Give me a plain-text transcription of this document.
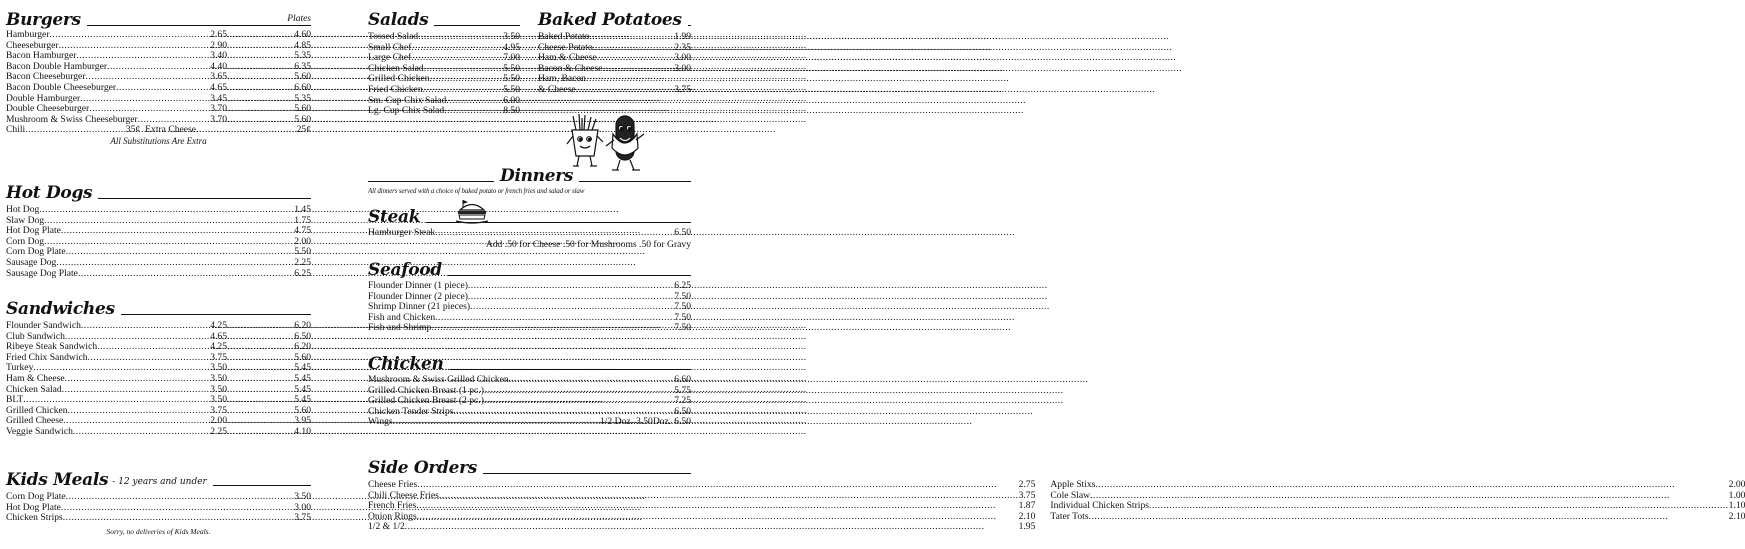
Burgers	Plates
Hamburger .....	2.65 .....	4.60
Cheeseburger .....	2.90 .....	4.85
Bacon Hamburger .....	3.40 .....	5.35
Bacon Double Hamburger .....	4.40 .....	6.35
Bacon Cheeseburger .....	3.65 .....	5.60
Bacon Double Cheeseburger .....	4.65 .....	6.60
Double Hamburger .....	3.45 .....	5.35
Double Cheeseburger .....	3.70 .....	5.60
Mushroom & Swiss Cheeseburger .....	3.70 .....	5.60
Chili .....	35¢ Extra Cheese .....	25¢
All Substitutions Are Extra
Hot Dogs
Hot Dog .....	1.45
Slaw Dog .....	1.75
Hot Dog Plate .....	4.75
Corn Dog .....	2.00
Corn Dog Plate .....	5.50
Sausage Dog .....	2.25
Sausage Dog Plate .....	6.25
Sandwiches
Flounder Sandwich .....	4.25 .....	6.20
Club Sandwich .....	4.65 .....	6.50
Ribeye Steak Sandwich .....	4.25 .....	6.20
Fried Chix Sandwich .....	3.75 .....	5.60
Turkey .....	3.50 .....	5.45
Ham & Cheese .....	3.50 .....	5.45
Chicken Salad .....	3.50 .....	5.45
BLT .....	3.50 .....	5.45
Grilled Chicken .....	3.75 .....	5.60
Grilled Cheese .....	2.00 .....	3.95
Veggie Sandwich .....	2.25 .....	4.10
Kids Meals - 12 years and under
Corn Dog Plate .....	3.50
Hot Dog Plate .....	3.00
Chicken Strips .....	3.75
Sorry, no deliveries of Kids Meals.
Salads
Tossed Salad .....	3.50
Small Chef .....	4.95
Large Chef .....	7.00
Chicken Salad .....	5.50
Grilled Chicken .....	5.50
Fried Chicken .....	5.50
Sm. Cup Chix Salad .....	6.00
Lg. Cup Chix Salad .....	8.50
Baked Potatoes
Baked Potato .....	1.99
Cheese Potato .....	2.35
Ham & Cheese .....	3.00
Bacon & Cheese .....	3.00
Ham, Bacon
& Cheese .....	3.75
Dinners
All dinners served with a choice of baked potato or french fries and salad or slaw
Steak
Hamburger Steak .....	6.50
Add .50 for Cheese .50 for Mushrooms .50 for Gravy
Seafood
Flounder Dinner (1 piece) .....	6.25
Flounder Dinner (2 piece) .....	7.50
Shrimp Dinner (21 pieces) .....	7.50
Fish and Chicken .....	7.50
Fish and Shrimp .....	7.50
Chicken
Mushroom & Swiss Grilled Chicken .....	6.60
Grilled Chicken Breast (1 pc.) .....	5.75
Grilled Chicken Breast (2 pc.) .....	7.25
Chicken Tender Strips .....	6.50
Wings .....	1/2 Doz. 3.50 Doz. 6.50
Side Orders
Cheese Fries .....	2.75
Chili Cheese Fries .....	3.75
French Fries .....	1.87
Onion Rings .....	2.10
1/2 & 1/2 .....	1.95
Apple Stixs .....	2.00
Cole Slaw .....	1.00
Individual Chicken Strips .....	1.10
Tater Tots .....	2.10
